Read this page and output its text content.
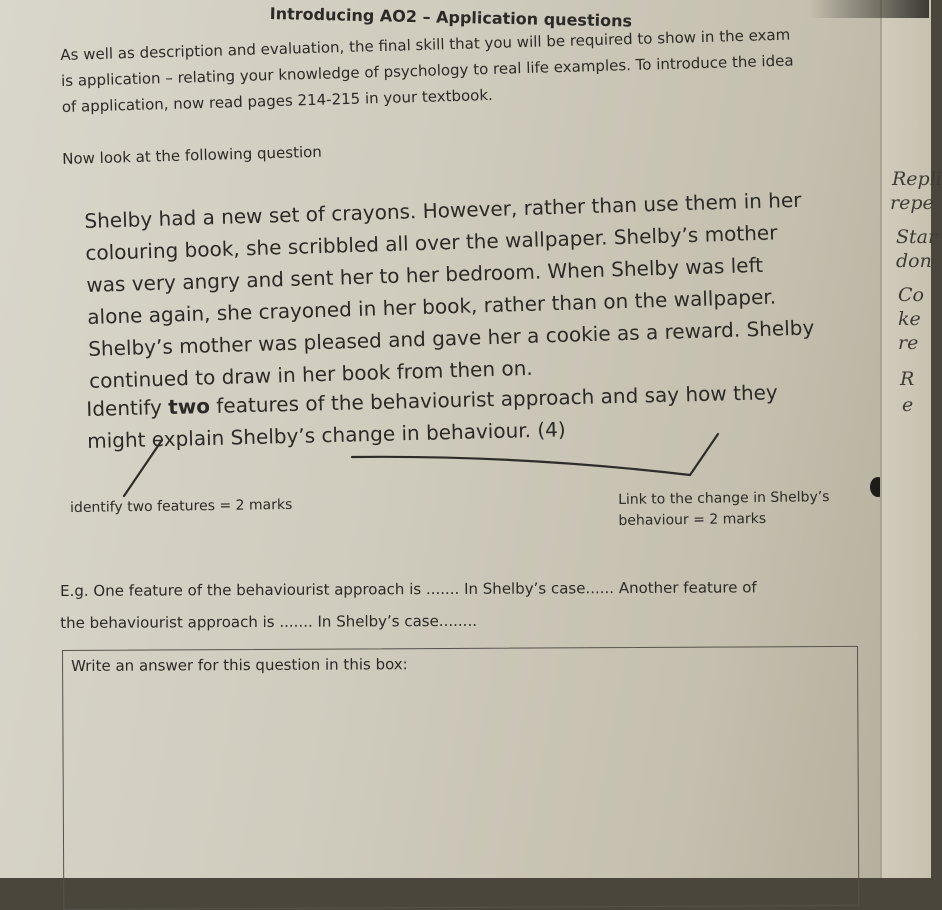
Introducing AO2 – Application questions
As well as description and evaluation, the final skill that you will be required to show in the exam is application – relating your knowledge of psychology to real life examples. To introduce the idea of application, now read pages 214-215 in your textbook.
Now look at the following question
Shelby had a new set of crayons. However, rather than use them in her colouring book, she scribbled all over the wallpaper. Shelby’s mother was very angry and sent her to her bedroom. When Shelby was left alone again, she crayoned in her book, rather than on the wallpaper. Shelby’s mother was pleased and gave her a cookie as a reward. Shelby continued to draw in her book from then on.
Identify two features of the behaviourist approach and say how they might explain Shelby’s change in behaviour. (4)
identify two features = 2 marks	Link to the change in Shelby’s behaviour = 2 marks
E.g. One feature of the behaviourist approach is ....... In Shelby’s case...... Another feature of
the behaviourist approach is ....... In Shelby’s case........
Write an answer for this question in this box:
Repli
repe
Star
don
Co
ke
re
R
e
